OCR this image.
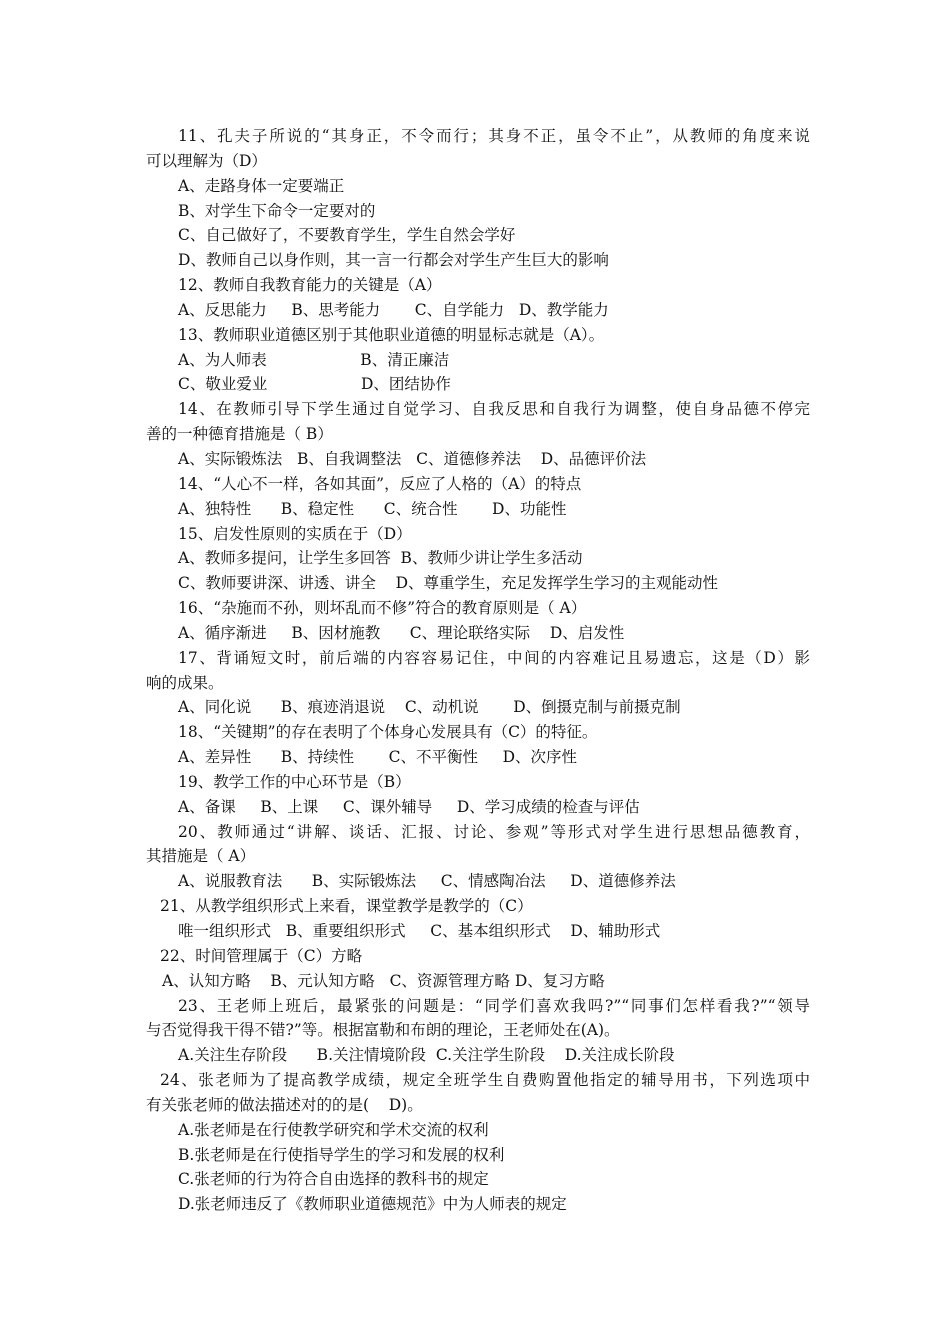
11、孔夫子所说的“其身正，不令而行；其身不正，虽令不止”，从教师的角度来说
可以理解为（D）
A、走路身体一定要端正
B、对学生下命令一定要对的
C、自己做好了，不要教育学生，学生自然会学好
D、教师自己以身作则，其一言一行都会对学生产生巨大的影响
12、教师自我教育能力的关键是（A）
A、反思能力     B、思考能力       C、自学能力   D、教学能力
13、教师职业道德区别于其他职业道德的明显标志就是（A）。
A、为人师表                   B、清正廉洁
C、敬业爱业                   D、团结协作
14、在教师引导下学生通过自觉学习、自我反思和自我行为调整，使自身品德不停完
善的一种德育措施是（ B）
A、实际锻炼法   B、自我调整法   C、道德修养法    D、品德评价法
14、“人心不一样，各如其面”，反应了人格的（A）的特点
A、独特性      B、稳定性      C、统合性       D、功能性
15、启发性原则的实质在于（D）
A、教师多提问，让学生多回答  B、教师少讲让学生多活动
C、教师要讲深、讲透、讲全    D、尊重学生，充足发挥学生学习的主观能动性
16、“杂施而不孙，则坏乱而不修”符合的教育原则是（ A）
A、循序渐进     B、因材施教      C、理论联络实际    D、启发性
17、背诵短文时，前后端的内容容易记住，中间的内容难记且易遗忘，这是（D）影
响的成果。
A、同化说      B、痕迹消退说    C、动机说       D、倒摄克制与前摄克制
18、“关键期”的存在表明了个体身心发展具有（C）的特征。
A、差异性      B、持续性       C、不平衡性     D、次序性
19、教学工作的中心环节是（B）
A、备课     B、上课     C、课外辅导     D、学习成绩的检查与评估
20、教师通过“讲解、谈话、汇报、讨论、参观”等形式对学生进行思想品德教育，
其措施是（ A）
A、说服教育法      B、实际锻炼法     C、情感陶冶法     D、道德修养法
21、从教学组织形式上来看，课堂教学是教学的（C）
唯一组织形式   B、重要组织形式     C、基本组织形式    D、辅助形式
22、时间管理属于（C）方略
A、认知方略    B、元认知方略   C、资源管理方略 D、复习方略
23、王老师上班后，最紧张的问题是：“同学们喜欢我吗?”“同事们怎样看我?”“领导
与否觉得我干得不错?”等。根据富勒和布朗的理论，王老师处在(A)。
A.关注生存阶段      B.关注情境阶段  C.关注学生阶段    D.关注成长阶段
24、张老师为了提高教学成绩，规定全班学生自费购置他指定的辅导用书，下列选项中
有关张老师的做法描述对的的是(    D)。
A.张老师是在行使教学研究和学术交流的权利
B.张老师是在行使指导学生的学习和发展的权利
C.张老师的行为符合自由选择的教科书的规定
D.张老师违反了《教师职业道德规范》中为人师表的规定
